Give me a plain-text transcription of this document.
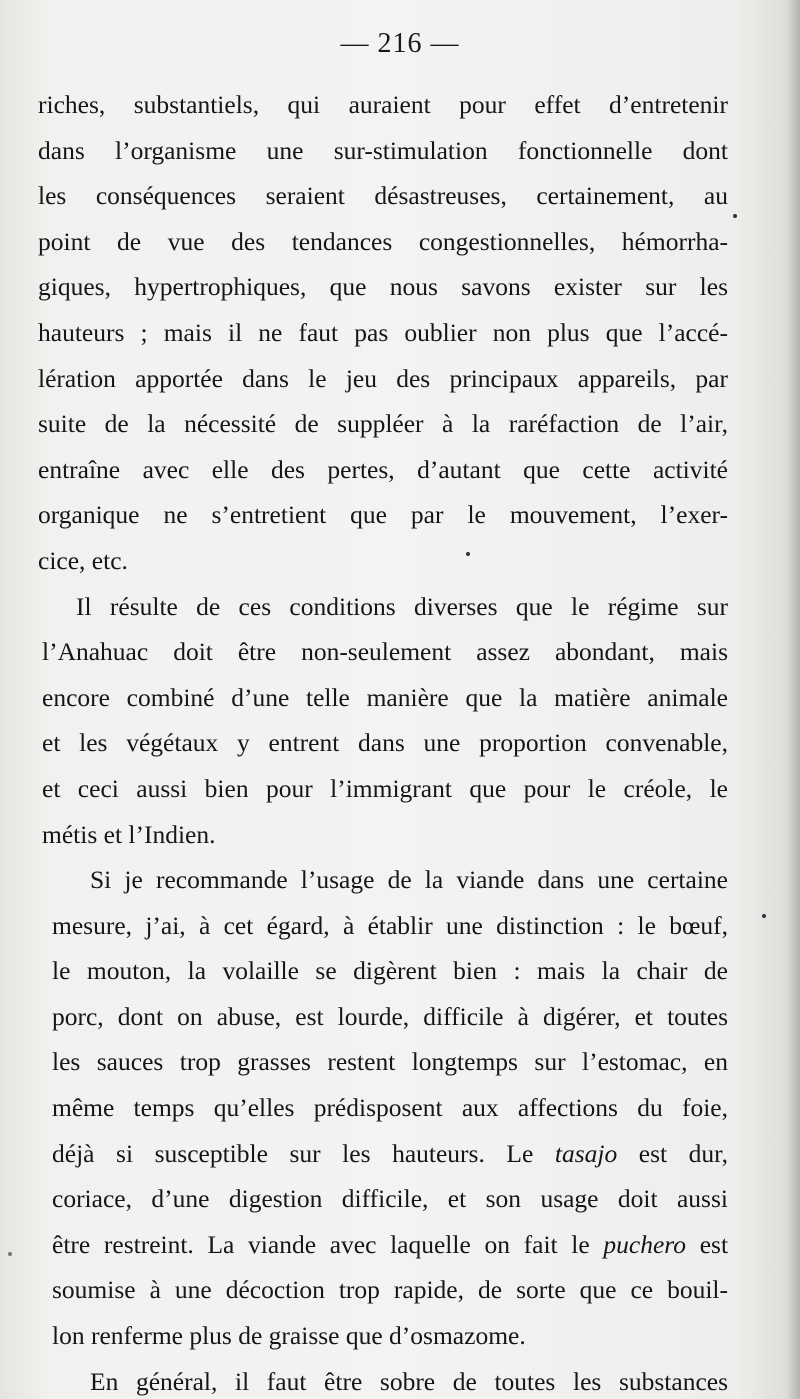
— 216 —
riches, substantiels, qui auraient pour effet d’entretenir
dans l’organisme une sur-stimulation fonctionnelle dont
les conséquences seraient désastreuses, certainement, au
point de vue des tendances congestionnelles, hémorrha-
giques, hypertrophiques, que nous savons exister sur les
hauteurs ; mais il ne faut pas oublier non plus que l’accé-
lération apportée dans le jeu des principaux appareils, par
suite de la nécessité de suppléer à la raréfaction de l’air,
entraîne avec elle des pertes, d’autant que cette activité
organique ne s’entretient que par le mouvement, l’exer-
cice, etc.
Il résulte de ces conditions diverses que le régime sur
l’Anahuac doit être non-seulement assez abondant, mais
encore combiné d’une telle manière que la matière animale
et les végétaux y entrent dans une proportion convenable,
et ceci aussi bien pour l’immigrant que pour le créole, le
métis et l’Indien.
Si je recommande l’usage de la viande dans une certaine
mesure, j’ai, à cet égard, à établir une distinction : le bœuf,
le mouton, la volaille se digèrent bien : mais la chair de
porc, dont on abuse, est lourde, difficile à digérer, et toutes
les sauces trop grasses restent longtemps sur l’estomac, en
même temps qu’elles prédisposent aux affections du foie,
déjà si susceptible sur les hauteurs. Le tasajo est dur,
coriace, d’une digestion difficile, et son usage doit aussi
être restreint. La viande avec laquelle on fait le puchero est
soumise à une décoction trop rapide, de sorte que ce bouil-
lon renferme plus de graisse que d’osmazome.
En général, il faut être sobre de toutes les substances
